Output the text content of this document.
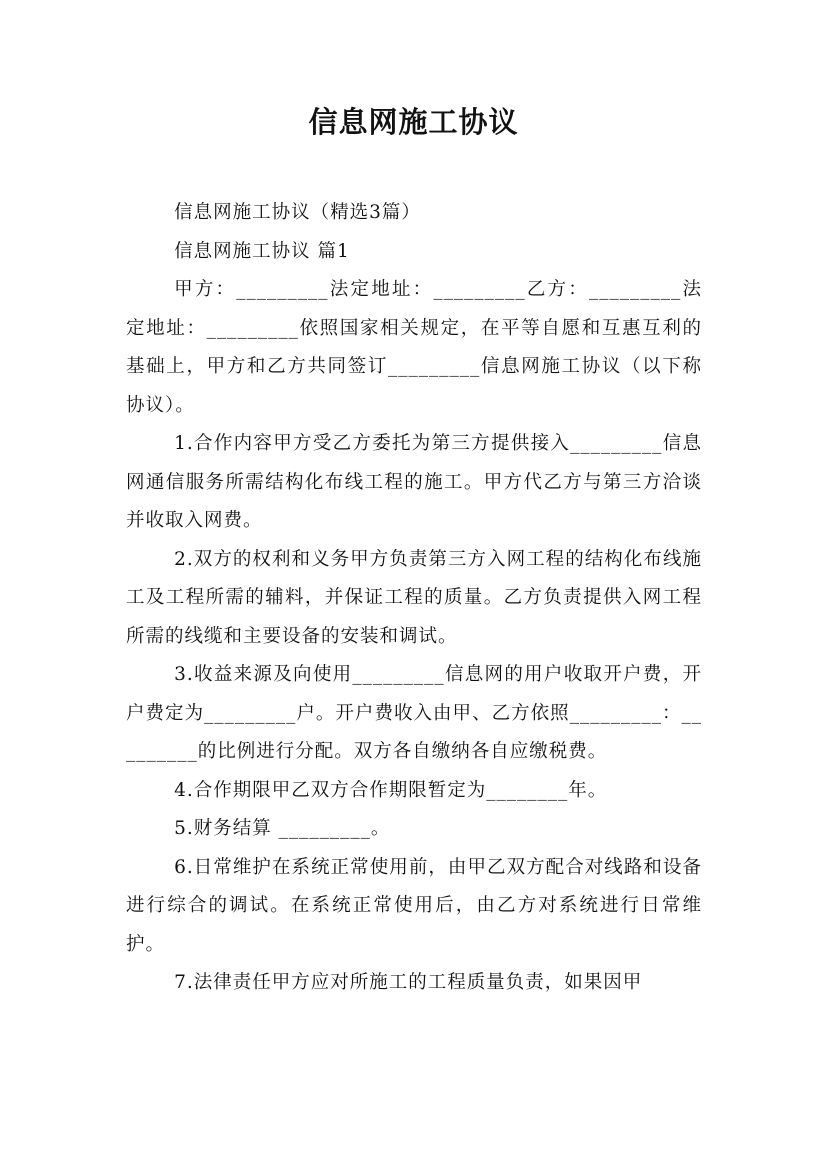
信息网施工协议

信息网施工协议（精选3篇）

信息网施工协议 篇1

甲方：_________法定地址：_________乙方：_________法定地址：_________依照国家相关规定，在平等自愿和互惠互利的基础上，甲方和乙方共同签订_________信息网施工协议（以下称协议）。

1.合作内容甲方受乙方委托为第三方提供接入_________信息网通信服务所需结构化布线工程的施工。甲方代乙方与第三方洽谈并收取入网费。

2.双方的权利和义务甲方负责第三方入网工程的结构化布线施工及工程所需的辅料，并保证工程的质量。乙方负责提供入网工程所需的线缆和主要设备的安装和调试。

3.收益来源及向使用_________信息网的用户收取开户费，开户费定为_________户。开户费收入由甲、乙方依照_________：_________的比例进行分配。双方各自缴纳各自应缴税费。

4.合作期限甲乙双方合作期限暂定为________年。

5.财务结算 _________。

6.日常维护在系统正常使用前，由甲乙双方配合对线路和设备进行综合的调试。在系统正常使用后，由乙方对系统进行日常维护。

7.法律责任甲方应对所施工的工程质量负责，如果因甲
